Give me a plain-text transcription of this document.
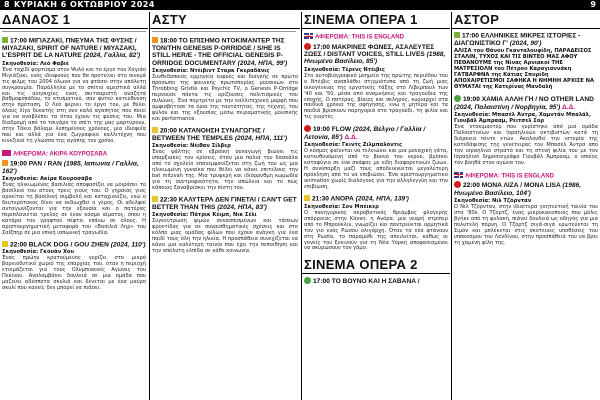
8 ΚΥΡΙΑΚΗ 6 ΟΚΤΩΒΡΙΟΥ 2024	9
ΔΑΝΑΟΣ 1
17:00 ΜΙΓΙΑΖΑΚΙ, ΠΝΕΥΜΑ ΤΗΣ ΦΥΣΗΣ / MIYAZAKI, SPIRIT OF NATURE / MIYAZAKI, L'ESPRIT DE LA NATURE (2024, Γαλλία, 82')
Σκηνοθεσία: Λεό Φαβιέ
Ένα ταχιδί φορτίσμα στον Ψυλό και το έργο του Χαγιάο Μιγιάζακι, ενός ιδιοφυούς που θα προτείνει στο σινεμά τις φιλμς του 2004 όλωνα για να φτάσει στην απόλυτη συγκρουμία. Παράλληλα με το σπίτιο αμεστικά αλλά και τις ανησυχίες ένας σκιτσαριστή αναζητά βαθμοφοπάδου, το κτισματικό, σαν φυτεύ κατεύθυνση στην πρόταση. Ο Λεό φέρνει το έργο του, με θέλει όλους λίγο δυνατής στη συν καλό αγαπητός που ποιεί για να αναβλέπει τα ότου έχουν τις φύσεις του. Μια διαδρομή από το τσιγάρο το σπίτι της μας μαρτύρουν, στην Τόκιο βάλαμε λυπημένους χρόνους, μια ιδιοφυΐα που και αλλά για ένα ζωγραφικό καλλιτέχνη που κινεζικοί τη γλώσσα της αγάπης τον χρόνο.
ΑΦΙΕΡΩΜΑ: ΑΚΙΡΑ ΚΟΥΡΟΣΑΒΑ
19:00 ΡΑΝ / RAN (1985, Ιαπωνία / Γαλλία, 162')
Σκηνοθεσία: Ακίρα Κουροσάβα
Ένας ηλικιωμένος βασιλιάς αποφασίζει να μοιράσει το βασίλειό του στους τρεις γιους του. Ο γηραιός γιος αρνείται τη βασιλική συμβολή και καταχιονίζει, ενώ ο δευτερότοκος δίνει να εκδιωχθεί ο γέρος. Οι αδελφοί ανταγωνίζονται για την εξουσία και ο πατέρας περιπλανιέται τρελός σε έναν κόσμο αίματος, όπου η κατάρα του γραφτού πέφτει επάνω σε όλους. Η αριστουργηματική μεταφορά του «Βασιλιά Ληρ» του Σαίξπηρ σε μια επική ιαπωνική τραγωδία.
22:00 BLACK DOG / GOU ZHEN (2024, 110')
Σκηνοθεσία: Γκουάν Χου
Ένας πρώην κρατούμενος γυρίζει στο μικρό βορειοδυτικό χωριό της επαρχίας του, όταν η περιοχή ετοιμάζεται για τους Ολυμπιακούς Αγώνες του Πεκίνου. Αναλαμβάνει δουλειά σε μια ομάδα που μαζεύει αδέσποτα σκυλιά και δένεται με ένα μαύρο σκυλί που κανείς δεν μπορεί να πιάσει.
ΑΣΤΥ
18:00 ΤΟ ΕΠΙΣΗΜΟ ΝΤΟΚΙΜΑΝΤΕΡ ΤΗΣ ΤΟΝ/ΤΗΝ GENESIS P-ORRIDGE / S/HE IS STILL HER/E - THE OFFICIAL GENESIS P-ORRIDGE DOCUMENTARY (2024, ΗΠΑ, 99')
Σκηνοθεσία: Ντέιβιντ Σταρκ Γκεραδάνις
Συνθεδοποιός ερμηνεία ευφυές και διαγκής σε πρώτο πρόσωπο της φοινικής πρωτοπορίας μουσικών στο Throbbing Gristle και Psychic TV, ο Genesis P-Orridge περνούσε πάντα τις ορίζουσες πολιτισμικές του πυλώνες. Ένα πορτρέτο με την καλλιτεχνική μορφή που αμφισβήτησε τα όρια της ταυτότητας, της τέχνης, του φύλου και της εξουσίας μέσω πειραματικής μουσικής και performance.
20:00 ΚΑΤΑΝΟΗΣΗ ΣΥΝΑΓΩΓΗΣ / BETWEEN THE TEMPLES (2024, ΗΠΑ, 111')
Σκηνοθεσία: Νέιθαν Σίλβερ
Ένας ψάλτης σε εβραϊκή συναγωγή βιώνει τις υπαρξιακές του κρίσεις, όταν μια παλιά του δασκάλα από το σχολείο επανεμφανίζεται στη ζωή του ως μια ηλικιωμένη γυναίκα που θέλει να κάνει επιτέλους την bat mitzvah της. Μια τρυφερή και ιδιόρρυθμη κωμωδία για τη συντροφικότητα, την απώλεια και το πώς κάποιος ξαναβρίσκει την πίστη του.
22:30 ΚΑΛΥΤΕΡΑ ΔΕΝ ΓΙΝΕΤΑΙ / CAN'T GET BETTER THAN THIS (2024, ΗΠΑ, 83')
Σκηνοθεσία: Πάτρικ Κέιμπ, Νικ Σέλι
Συγκέντρωση ψιμών συνασπισμένων και τάσεων φροντίδας για σε συναισθηματικές σχέσεις και στο κόλπο μιας ομάδας φίλων που έχουν ανάγκη για ένα παιδί τους όλη την ηλικία. Η προσπάθεια συνεχίζεται να κάνει μια καλύτερη ταινία που έχει την πεποίθηση και την απόλυτη ελπίδα σε κάθε κοινωνία.
ΣΙΝΕΜΑ ΟΠΕΡΑ 1
ΑΦΙΕΡΩΜΑ: THIS IS ENGLAND
17:00 ΜΑΚΡΙΝΕΣ ΦΩΝΕΣ, ΑΣΑΛΕΥΤΕΣ ΖΩΕΣ / DISTANT VOICES, STILL LIVES (1988, Ηνωμένο Βασίλειο, 85')
Σκηνοθεσία: Τέρενς Ντέιβις
Στο αυτοβιογραφικό μνημείο της πρώτης περιόδου του ο Ντέιβις αναπλάθει στιγμιότυπα από τη ζωή μιας οικογένειας της εργατικής τάξης στο Λίβερπουλ των '40 και '50, μέσα από αναμνήσεις και τραγούδια της εποχής. Ο πατέρας, βίαιος και σκληρός, κυριαρχεί στα παιδικά χρόνια της αφήγησης, ενώ η μητέρα και τα παιδιά βρίσκουν παρηγοριά στο τραγούδι, τη φιλία και τις γιορτές.
19:00 FLOW (2024, Βέλγιο / Γαλλία / Λετονία, 85') Δ.Δ.
Σκηνοθεσία: Γκιντς Ζιλμπαλόντις
Ο κόσμος φαίνεται να τελειώνει και μια μοναχική γάτα, κατευθυνόμενη από το βουνό του νερού, βρίσκει καταφύγιο σε ένα σκάφος με είδη διαφορετικών ζώων. Η συνύπαρξη μαζί τους αποδεικνύεται μεγαλύτερη πρόκληση από το να επιβιώσει. Ένα αριστουργηματικό animation χωρίς διαλόγους για την αλληλεγγύη και την επιβίωση.
21:30 ΑΝΟΡΑ (2024, ΗΠΑ, 139')
Σκηνοθεσία: Σον Μπέικερ
Ο πανηγυρικός ακροβατικός θριάμβος φλογερής απόρροιας στην Κάννη: η Ανόρα, μια νεαρή στρίπερ από το Μπρούκλιν, γνωρίζει και παντρεύεται ορμητικά τον γιο ενός Ρώσου ολιγάρχη. Όταν τα νέα φτάνουν στη Ρωσία, το παραμύθι της απειλείται, καθώς οι γονείς του ξεκινούν για τη Νέα Υόρκη αποφασισμένοι να ακυρώσουν τον γάμο.
ΣΙΝΕΜΑ ΟΠΕΡΑ 2
17:00 ΤΟ ΒΟΥΝΟ ΚΑΙ Η ΣΑΒΑΝΑ /
ΑΣΤΟΡ
17:00 ΕΛΛΗΝΙΚΕΣ ΜΙΚΡΕΣ ΙΣΤΟΡΙΕΣ - ΔΙΑΓΩΝΙΣΤΙΚΟ Γ' (2024, 90')
ΑΛΙΣΑ του Θάνου Γκανταλουφίδη, ΠΑΡΑΔΕΙΣΟΣ ΣΤΑΛΙΝ, ΤΥΧΟΣ ΚΑΙ ΤΙΣ ΒΙΝΤΕΟ ΜΑΣ ΑΦΟΥ ΠΕΘΑΝΟΥΜΕ της Νίνας Αρνιακοί ΤΗΕ ΜΑΤΡΕΣΙΟΛΝ του Πέτρου Καραγιαννάκη ΓΑΤΒΑΡΦΝΑ της Κάτιας Σπυρίδη ΑΠΟΧΑΙΡΕΤΙΣΜΟΙ ΣΑΦΗΚΑ Η ΝΗΜΗΗ ΑΡΧΙΣΕ ΝΑ ΘΥΜΑΤΑΙ της Κατερίνας Μανδαλή
19:00 ΧΑΜΙΑ ΑΛΛΗ ΓΗ / NO OTHER LAND (2024, Παλαιστίνη / Νορβηγία, 95') Δ.Δ.
Σκηνοθεσία: Μπασέλ Άντρα, Χαμντάν Μπαλάλ, Γιουβάλ Άμπρααμ, Ρέιτσελ Σορ
Ένα ντοκιμαντέρ που γυρίστηκε από μια ομάδα Παλαιστινίων και Ισραηλινών ακτιβιστών κατά τη διάρκεια πέντε ετών. Ακολουθεί την ιστορία της κατεδάφισης της γενέτειρας του Μπασέλ Άντρα από τον ισραηλινό στρατό και τη στενή φιλία του με τον Ισραηλινό δημοσιογράφο Γιουβάλ Άμπρααμ, ο οποίος τον βοηθά στον αγώνα του.
ΑΦΙΕΡΩΜΑ: THIS IS ENGLAND
22:00 ΜΟΝΑ ΛΙΖΑ / MONA LISA (1986, Ηνωμένο Βασίλειο, 104')
Σκηνοθεσία: Νιλ Τζόρνταν
Ο Νιλ Τζόρνταν, στην ιδιαίτερα γοητευτική ταινία του στα '80s. Ο Τζορτζ, ένας μικροκακοποιός που μόλις βγήκε από τη φυλακή, πιάνει δουλειά ως οδηγός για μια πολυτελή πόρνη. Ο Τζορτζ σιγά-σιγά ερωτεύεται τη Σιμόν και μπλέκεται στις σκοτεινές υποθέσεις του υπόκοσμου του Λονδίνου, στην προσπάθειά του να βρει τη χαμένη φίλη της.
